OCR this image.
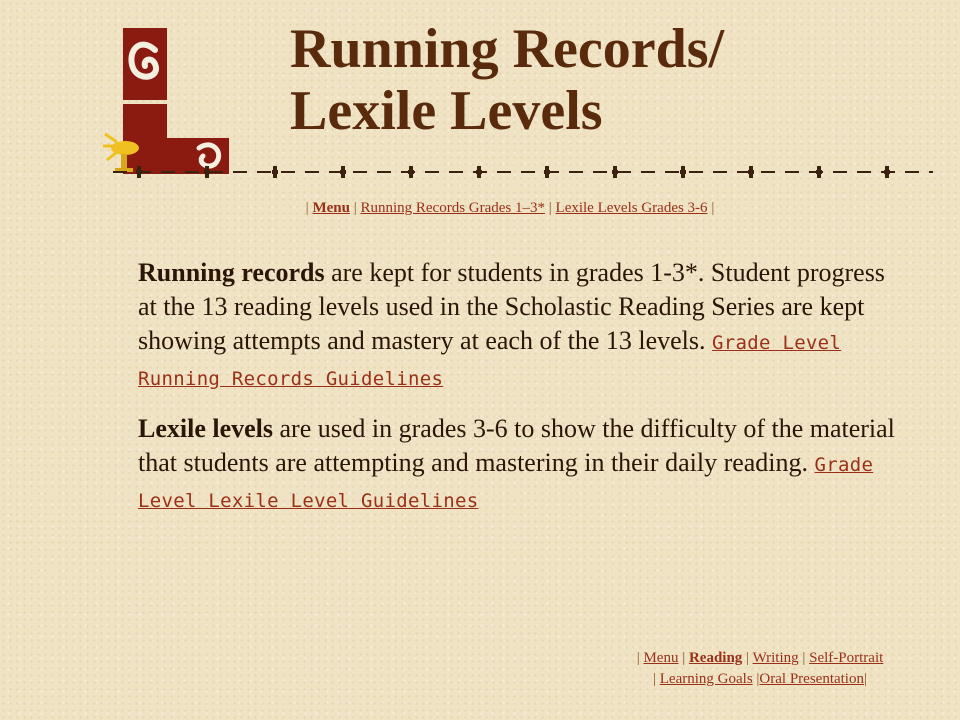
Running Records/
Lexile Levels
| Menu | Running Records Grades 1–3* | Lexile Levels Grades 3-6 |

Running records are kept for students in grades 1-3*. Student progress at the 13 reading levels used in the Scholastic Reading Series are kept showing attempts and mastery at each of the 13 levels. Grade Level Running Records Guidelines

Lexile levels are used in grades 3-6 to show the difficulty of the material that students are attempting and mastering in their daily reading. Grade Level Lexile Level Guidelines

| Menu | Reading | Writing | Self-Portrait
| Learning Goals |Oral Presentation|
